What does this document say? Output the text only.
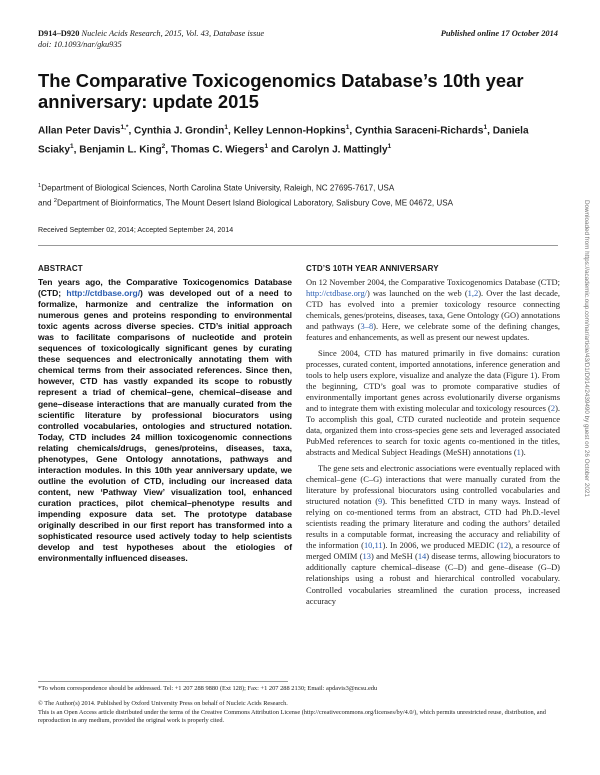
D914–D920 Nucleic Acids Research, 2015, Vol. 43, Database issue
doi: 10.1093/nar/gku935
Published online 17 October 2014
The Comparative Toxicogenomics Database’s 10th year anniversary: update 2015
Allan Peter Davis$^{1,*}$, Cynthia J. Grondin$^1$, Kelley Lennon-Hopkins$^1$, Cynthia Saraceni-Richards$^1$, Daniela Sciaky$^1$, Benjamin L. King$^2$, Thomas C. Wiegers$^1$ and Carolyn J. Mattingly$^1$
$^1$Department of Biological Sciences, North Carolina State University, Raleigh, NC 27695-7617, USA
and $^2$Department of Bioinformatics, The Mount Desert Island Biological Laboratory, Salisbury Cove, ME 04672, USA
Received September 02, 2014; Accepted September 24, 2014
ABSTRACT	CTD’S 10TH YEAR ANNIVERSARY
Ten years ago, the Comparative Toxicogenomics Database (CTD; http://ctdbase.org/) was developed out of a need to formalize, harmonize and centralize the information on numerous genes and proteins responding to environmental toxic agents across diverse species. CTD’s initial approach was to facilitate comparisons of nucleotide and protein sequences of toxicologically significant genes by curating these sequences and electronically annotating them with chemical terms from their associated references. Since then, however, CTD has vastly expanded its scope to robustly represent a triad of chemical–gene, chemical–disease and gene–disease interactions that are manually curated from the scientific literature by professional biocurators using controlled vocabularies, ontologies and structured notation. Today, CTD includes 24 million toxicogenomic connections relating chemicals/drugs, genes/proteins, diseases, taxa, phenotypes, Gene Ontology annotations, pathways and interaction modules. In this 10th year anniversary update, we outline the evolution of CTD, including our increased data content, new ‘Pathway View’ visualization tool, enhanced curation practices, pilot chemical–phenotype results and impending exposure data set. The prototype database originally described in our first report has transformed into a sophisticated resource used actively today to help scientists develop and test hypotheses about the etiologies of environmentally influenced diseases.

On 12 November 2004, the Comparative Toxicogenomics Database (CTD; http://ctdbase.org/) was launched on the web (1,2). Over the last decade, CTD has evolved into a premier toxicology resource connecting chemicals, genes/proteins, diseases, taxa, Gene Ontology (GO) annotations and pathways (3–8). Here, we celebrate some of the defining changes, features and enhancements, as well as present our newest updates.

Since 2004, CTD has matured primarily in five domains: curation processes, curated content, imported annotations, inference generation and tools to help users explore, visualize and analyze the data (Figure 1). From the beginning, CTD’s goal was to promote comparative studies of environmentally important genes across evolutionarily diverse organisms and to integrate them with existing molecular and toxicology resources (2). To accomplish this goal, CTD curated nucleotide and protein sequence data, organized them into cross-species gene sets and leveraged associated PubMed references to search for toxic agents co-mentioned in the titles, abstracts and Medical Subject Headings (MeSH) annotations (1).

The gene sets and electronic associations were eventually replaced with chemical–gene (C–G) interactions that were manually curated from the literature by professional biocurators using controlled vocabularies and structured notation (9). This benefitted CTD in many ways. Instead of relying on co-mentioned terms from an abstract, CTD had Ph.D.-level scientists reading the primary literature and coding the authors’ detailed results in a computable format, increasing the accuracy and reliability of the information (10,11). In 2006, we produced MEDIC (12), a resource of merged OMIM (13) and MeSH (14) disease terms, allowing biocurators to additionally capture chemical–disease (C–D) and gene–disease (G–D) relationships using a robust and hierarchical controlled vocabulary. Controlled vocabularies streamlined the curation process, increased accuracy

*To whom correspondence should be addressed. Tel: +1 207 288 9880 (Ext 128); Fax: +1 207 288 2130; Email: apdavis3@ncsu.edu
© The Author(s) 2014. Published by Oxford University Press on behalf of Nucleic Acids Research.
This is an Open Access article distributed under the terms of the Creative Commons Attribution License (http://creativecommons.org/licenses/by/4.0/), which permits unrestricted reuse, distribution, and reproduction in any medium, provided the original work is properly cited.
Downloaded from https://academic.oup.com/nar/article/43/D1/D914/2439490 by guest on 26 October 2021
